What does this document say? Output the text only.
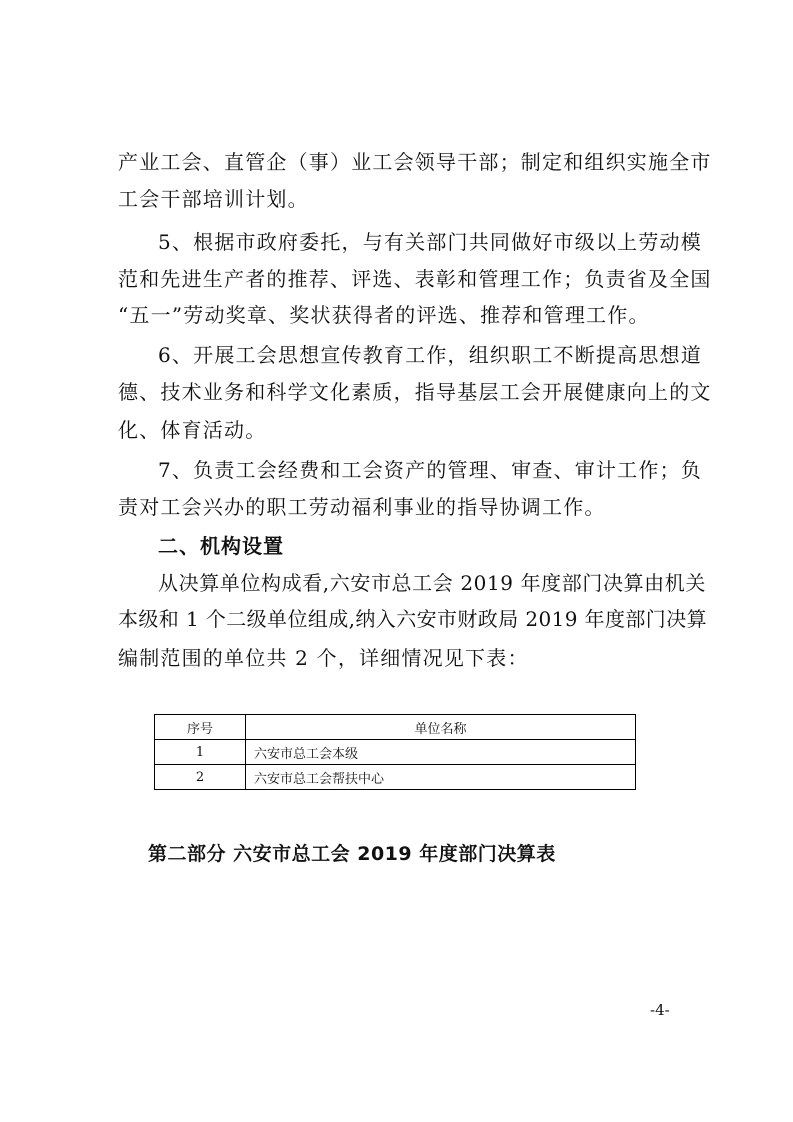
产业工会、直管企（事）业工会领导干部；制定和组织实施全市
工会干部培训计划。
5、根据市政府委托，与有关部门共同做好市级以上劳动模
范和先进生产者的推荐、评选、表彰和管理工作；负责省及全国
“五一”劳动奖章、奖状获得者的评选、推荐和管理工作。
6、开展工会思想宣传教育工作，组织职工不断提高思想道
德、技术业务和科学文化素质，指导基层工会开展健康向上的文
化、体育活动。
7、负责工会经费和工会资产的管理、审查、审计工作；负
责对工会兴办的职工劳动福利事业的指导协调工作。
二、机构设置
从决算单位构成看,六安市总工会 2019 年度部门决算由机关
本级和 1 个二级单位组成,纳入六安市财政局 2019 年度部门决算
编制范围的单位共 2 个，详细情况见下表：
序号	单位名称
1	六安市总工会本级
2	六安市总工会帮扶中心
第二部分 六安市总工会 2019 年度部门决算表
-4-
